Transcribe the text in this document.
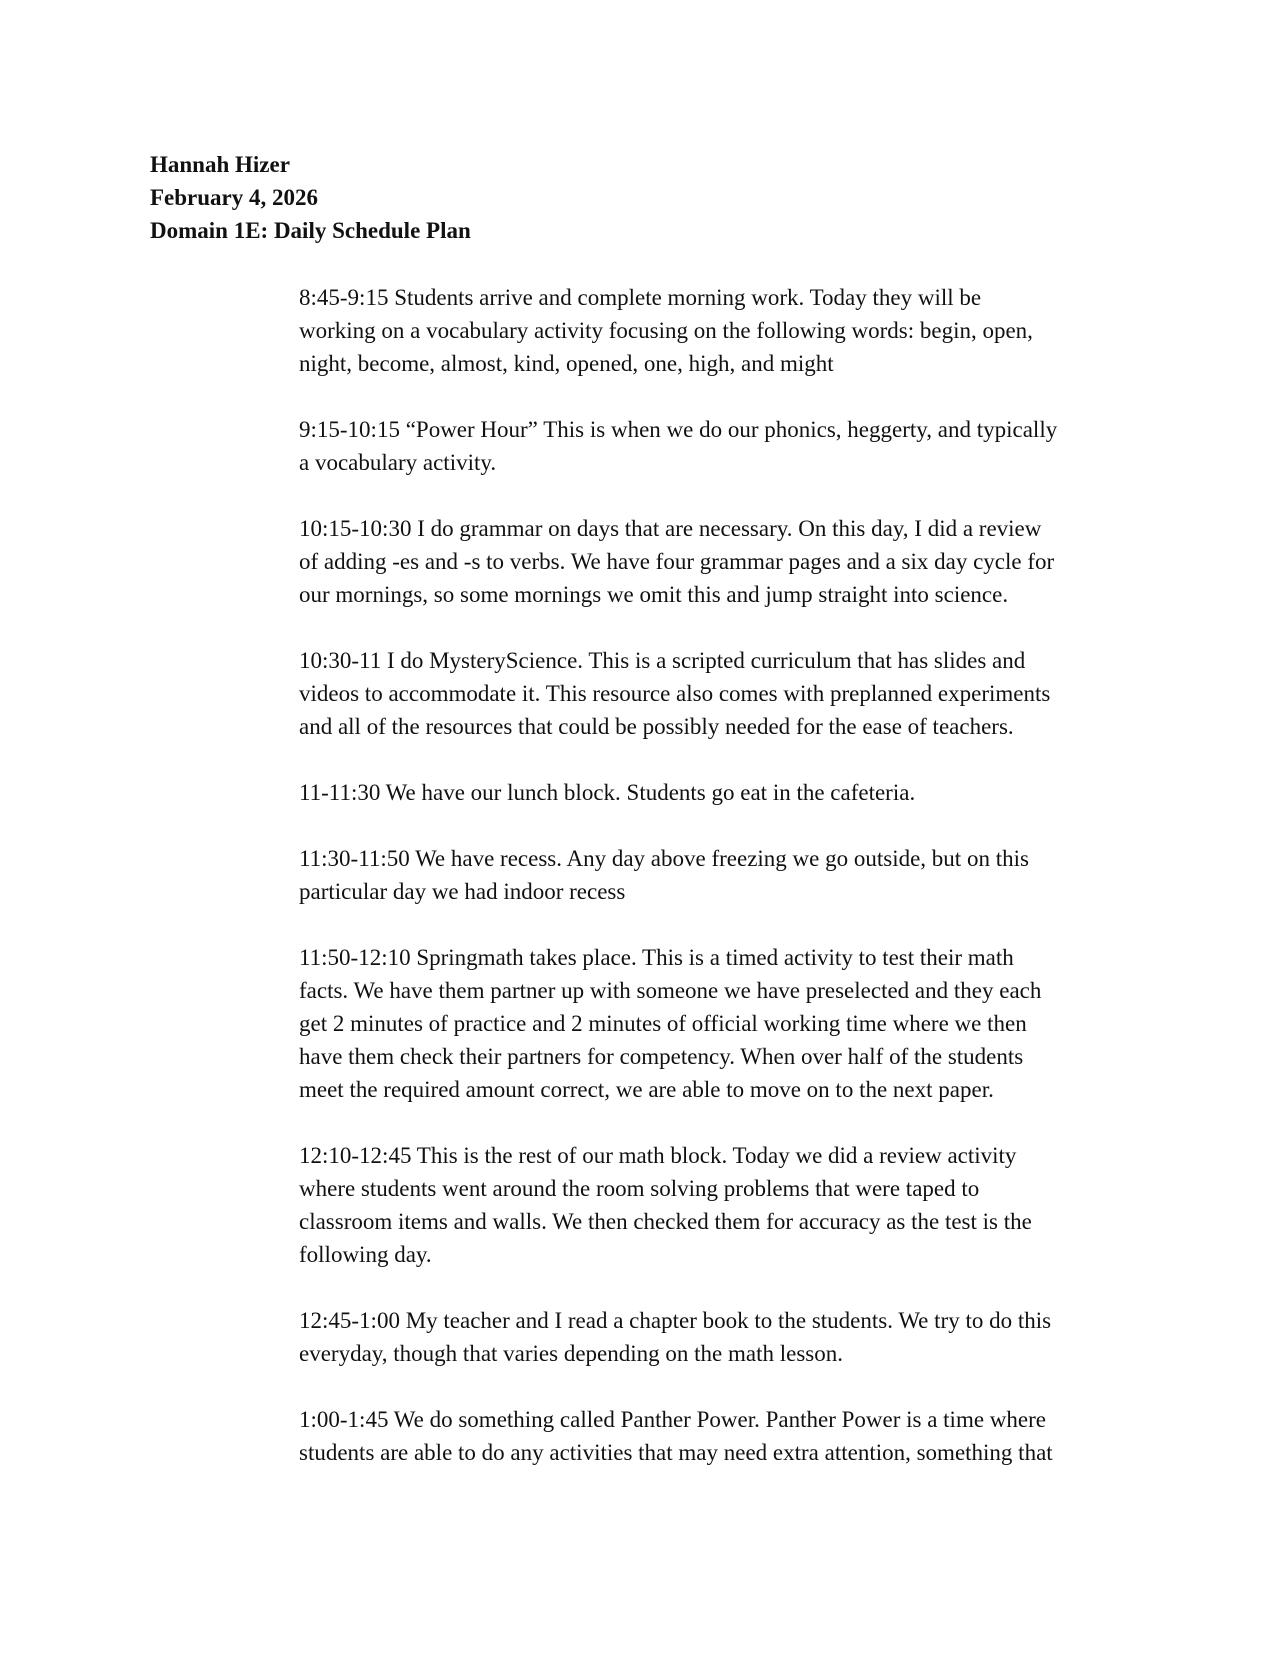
Hannah Hizer
February 4, 2026
Domain 1E: Daily Schedule Plan
8:45-9:15 Students arrive and complete morning work. Today they will be
working on a vocabulary activity focusing on the following words: begin, open,
night, become, almost, kind, opened, one, high, and might
9:15-10:15 “Power Hour” This is when we do our phonics, heggerty, and typically
a vocabulary activity.
10:15-10:30 I do grammar on days that are necessary. On this day, I did a review
of adding -es and -s to verbs. We have four grammar pages and a six day cycle for
our mornings, so some mornings we omit this and jump straight into science.
10:30-11 I do MysteryScience. This is a scripted curriculum that has slides and
videos to accommodate it. This resource also comes with preplanned experiments
and all of the resources that could be possibly needed for the ease of teachers.
11-11:30 We have our lunch block. Students go eat in the cafeteria.
11:30-11:50 We have recess. Any day above freezing we go outside, but on this
particular day we had indoor recess
11:50-12:10 Springmath takes place. This is a timed activity to test their math
facts. We have them partner up with someone we have preselected and they each
get 2 minutes of practice and 2 minutes of official working time where we then
have them check their partners for competency. When over half of the students
meet the required amount correct, we are able to move on to the next paper.
12:10-12:45 This is the rest of our math block. Today we did a review activity
where students went around the room solving problems that were taped to
classroom items and walls. We then checked them for accuracy as the test is the
following day.
12:45-1:00 My teacher and I read a chapter book to the students. We try to do this
everyday, though that varies depending on the math lesson.
1:00-1:45 We do something called Panther Power. Panther Power is a time where
students are able to do any activities that may need extra attention, something that
